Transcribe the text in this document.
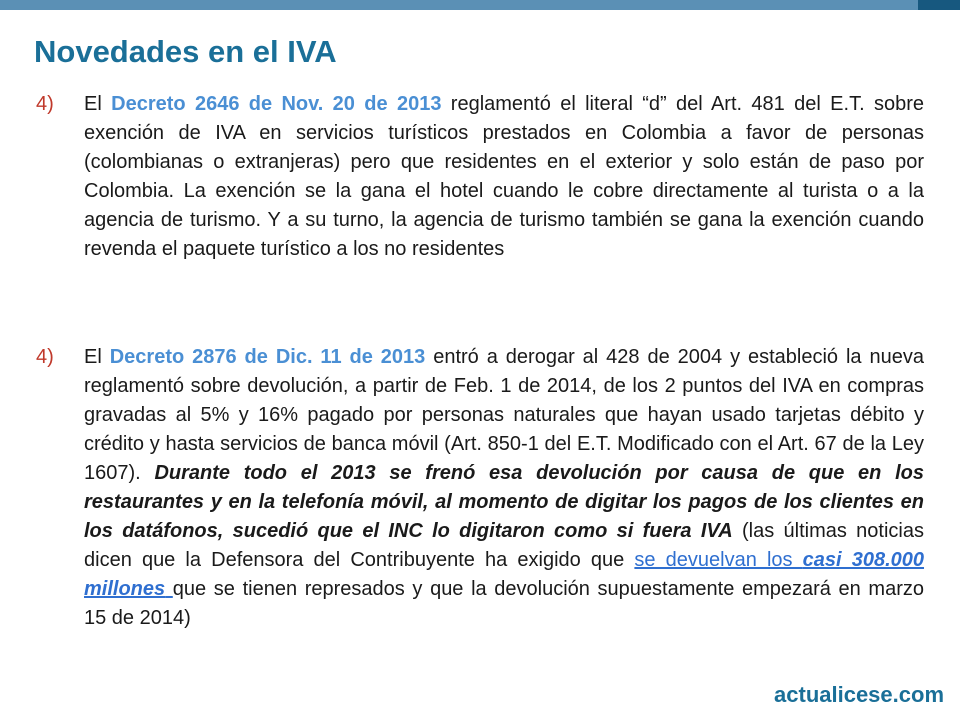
Novedades en el IVA
4) El Decreto 2646 de Nov. 20 de 2013 reglamentó el literal “d” del Art. 481 del E.T. sobre exención de IVA en servicios turísticos prestados en Colombia a favor de personas (colombianas o extranjeras) pero que residentes en el exterior y solo están de paso por Colombia. La exención se la gana el hotel cuando le cobre directamente al turista o a la agencia de turismo. Y a su turno, la agencia de turismo también se gana la exención cuando revenda el paquete turístico a los no residentes

4) El Decreto 2876 de Dic. 11 de 2013 entró a derogar al 428 de 2004 y estableció la nueva reglamentó sobre devolución, a partir de Feb. 1 de 2014, de los 2 puntos del IVA en compras gravadas al 5% y 16% pagado por personas naturales que hayan usado tarjetas débito y crédito y hasta servicios de banca móvil (Art. 850-1 del E.T. Modificado con el Art. 67 de la Ley 1607). Durante todo el 2013 se frenó esa devolución por causa de que en los restaurantes y en la telefonía móvil, al momento de digitar los pagos de los clientes en los datáfonos, sucedió que el INC lo digitaron como si fuera IVA (las últimas noticias dicen que la Defensora del Contribuyente ha exigido que se devuelvan los casi 308.000 millones que se tienen represados y que la devolución supuestamente empezará en marzo 15 de 2014)

actualicese.com
